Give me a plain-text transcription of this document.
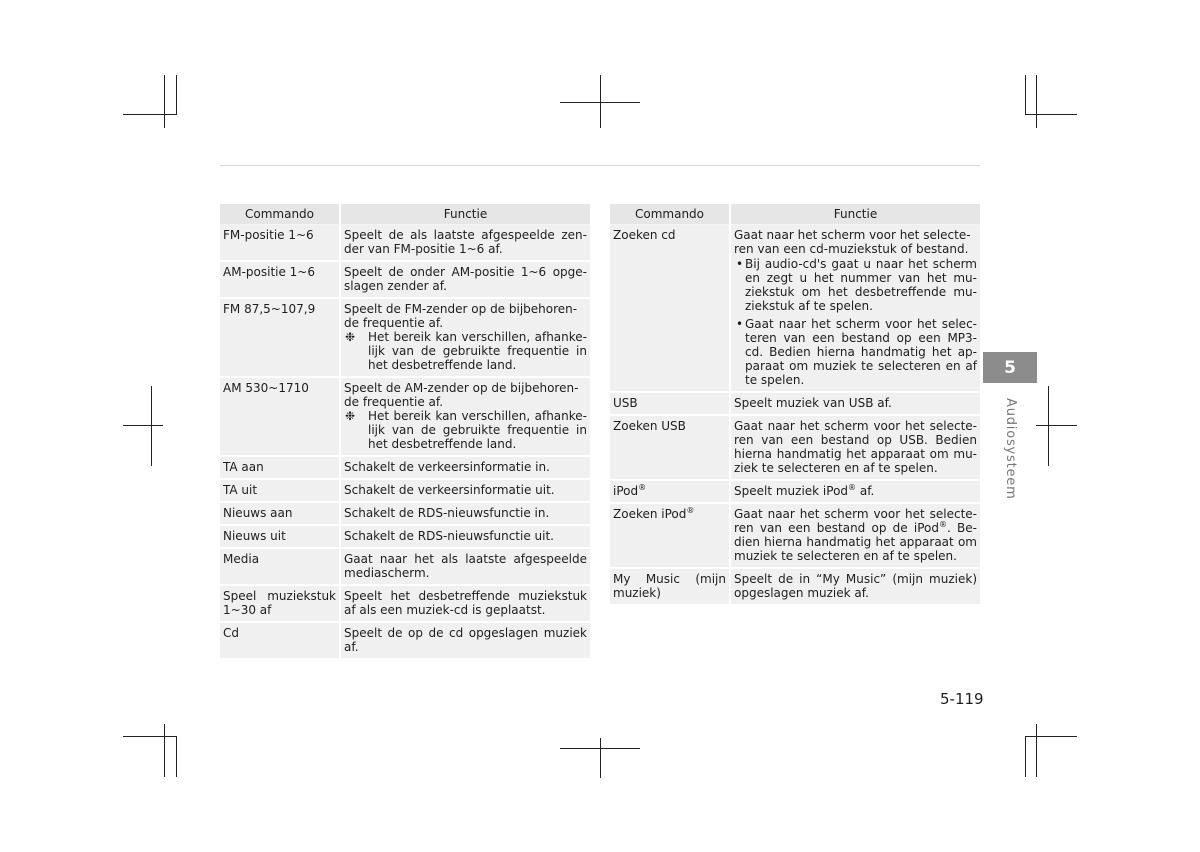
Commando	Functie
FM-positie 1~6	Speelt de als laatste afgespeelde zen-der van FM-positie 1~6 af.
AM-positie 1~6	Speelt de onder AM-positie 1~6 opge-slagen zender af.
FM 87,5~107,9	Speelt de FM-zender op de bijbehoren-de frequentie af.
❉ Het bereik kan verschillen, afhanke-lijk van de gebruikte frequentie in het desbetreffende land.

AM 530~1710	Speelt de AM-zender op de bijbehoren-de frequentie af.
❉ Het bereik kan verschillen, afhanke-lijk van de gebruikte frequentie in het desbetreffende land.

TA aan	Schakelt de verkeersinformatie in.
TA uit	Schakelt de verkeersinformatie uit.
Nieuws aan	Schakelt de RDS-nieuwsfunctie in.
Nieuws uit	Schakelt de RDS-nieuwsfunctie uit.
Media	Gaat naar het als laatste afgespeelde mediascherm.
Speel muziekstuk 1~30 af	Speelt het desbetreffende muziekstuk af als een muziek-cd is geplaatst.
Cd	Speelt de op de cd opgeslagen muziek af.
Commando	Functie
Zoeken cd	Gaat naar het scherm voor het selecte-ren van een cd-muziekstuk of bestand.
• Bij audio-cd's gaat u naar het scherm en zegt u het nummer van het mu-ziekstuk om het desbetreffende mu-ziekstuk af te spelen.
• Gaat naar het scherm voor het selec-teren van een bestand op een MP3-cd. Bedien hierna handmatig het ap-paraat om muziek te selecteren en af te spelen.

USB	Speelt muziek van USB af.
Zoeken USB	Gaat naar het scherm voor het selecte-ren van een bestand op USB. Bedien hierna handmatig het apparaat om mu-ziek te selecteren en af te spelen.
iPod®	Speelt muziek iPod® af.
Zoeken iPod®	Gaat naar het scherm voor het selecte-ren van een bestand op de iPod®. Be-dien hierna handmatig het apparaat om muziek te selecteren en af te spelen.
My Music (mijn muziek)	Speelt de in “My Music” (mijn muziek) opgeslagen muziek af.
5
Audiosysteem
5-119
